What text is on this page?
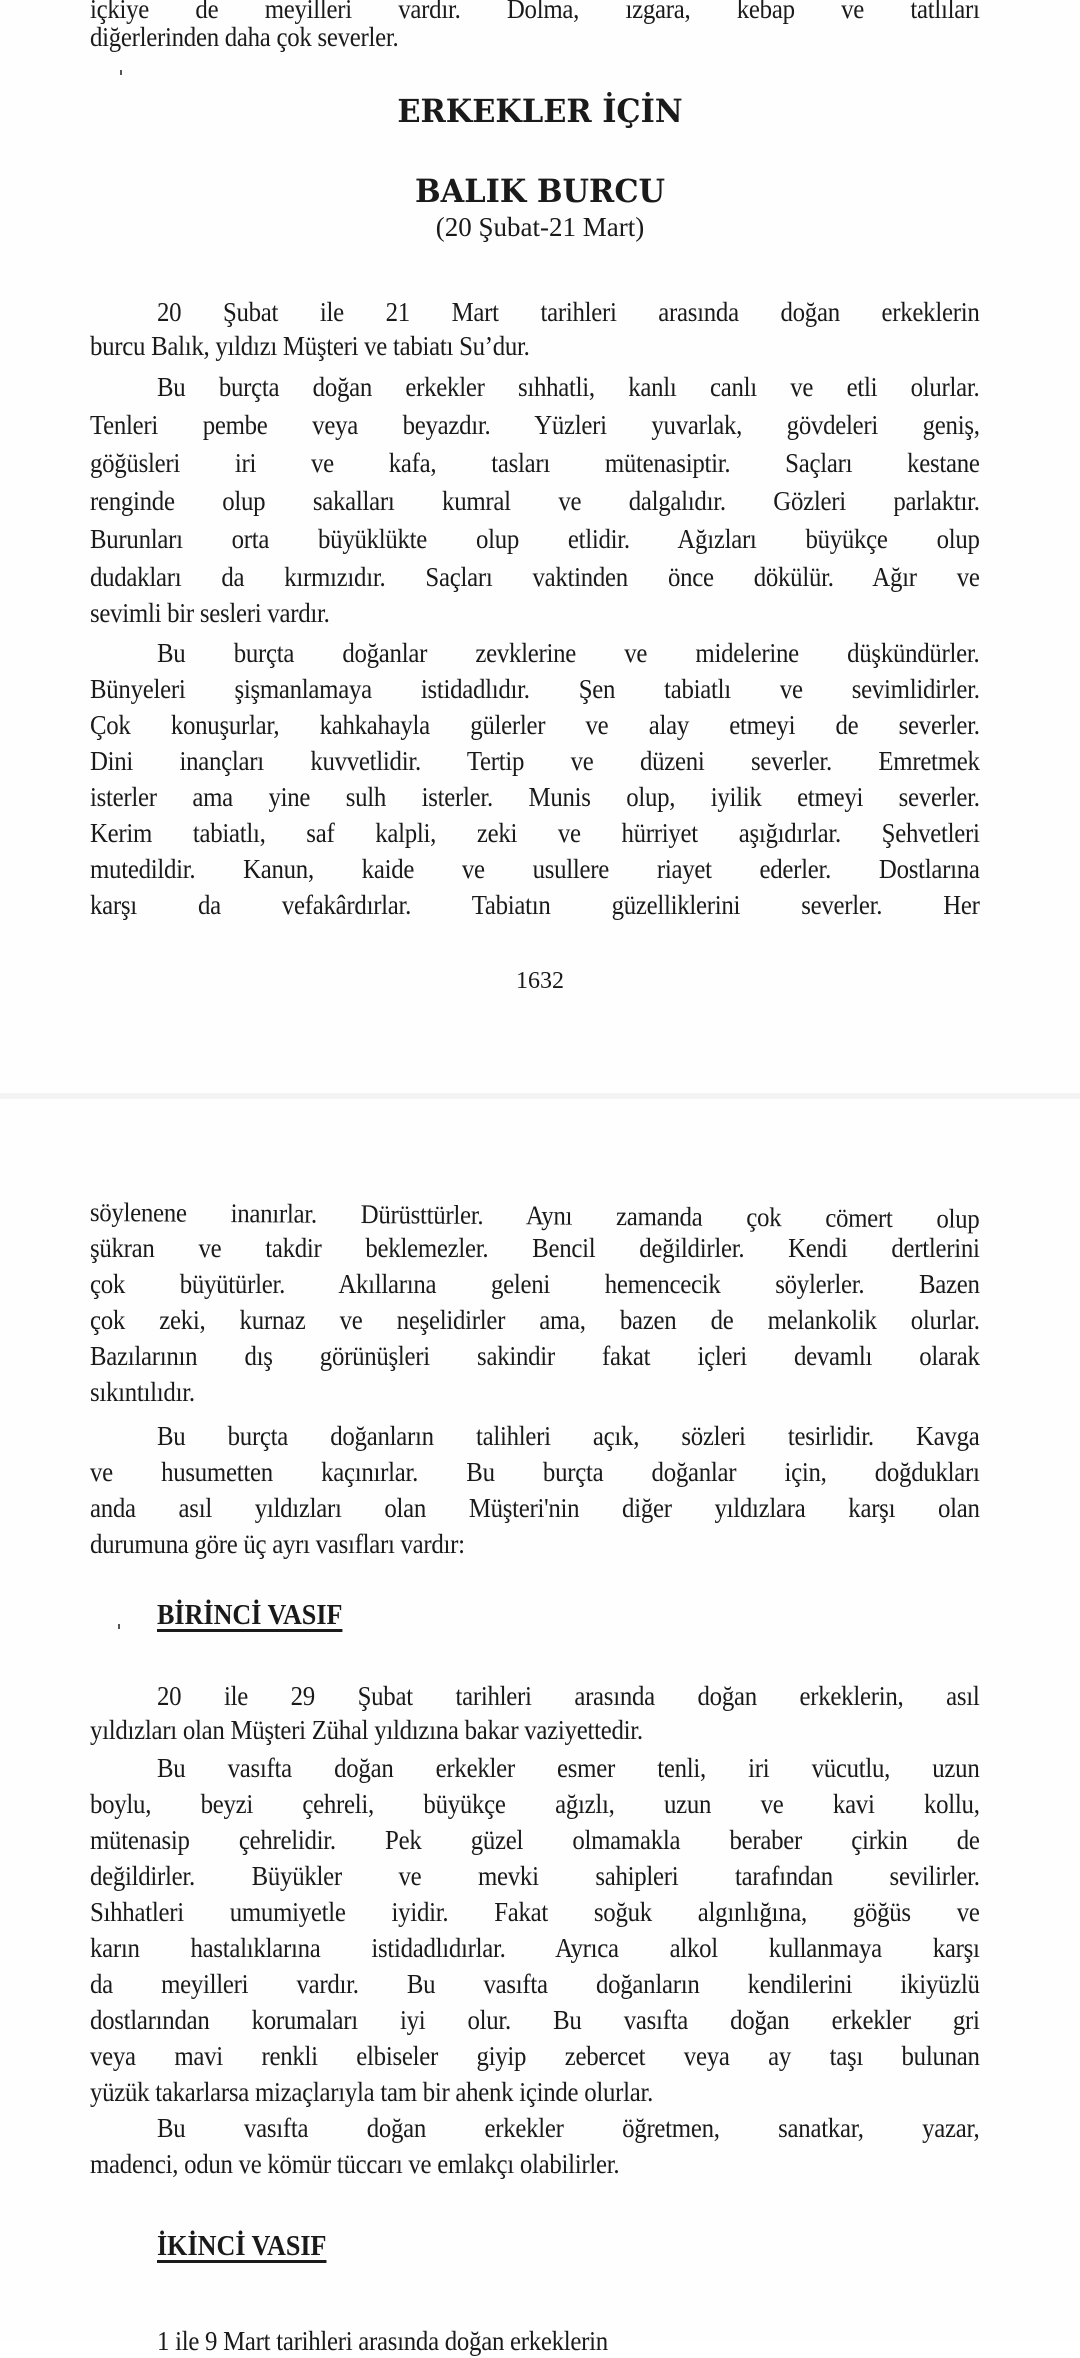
içkiye de meyilleri vardır. Dolma, ızgara, kebap ve tatlıları
diğerlerinden daha çok severler.
ERKEKLER İÇİN
BALIK BURCU
(20 Şubat-21 Mart)
20 Şubat ile 21 Mart tarihleri arasında doğan erkeklerin
burcu Balık, yıldızı Müşteri ve tabiatı Su’dur.
Bu burçta doğan erkekler sıhhatli, kanlı canlı ve etli olurlar.
Tenleri pembe veya beyazdır. Yüzleri yuvarlak, gövdeleri geniş,
göğüsleri iri ve kafa, tasları mütenasiptir. Saçları kestane
renginde olup sakalları kumral ve dalgalıdır. Gözleri parlaktır.
Burunları orta büyüklükte olup etlidir. Ağızları büyükçe olup
dudakları da kırmızıdır. Saçları vaktinden önce dökülür. Ağır ve
sevimli bir sesleri vardır.
Bu burçta doğanlar zevklerine ve midelerine düşkündürler.
Bünyeleri şişmanlamaya istidadlıdır. Şen tabiatlı ve sevimlidirler.
Çok konuşurlar, kahkahayla gülerler ve alay etmeyi de severler.
Dini inançları kuvvetlidir. Tertip ve düzeni severler. Emretmek
isterler ama yine sulh isterler. Munis olup, iyilik etmeyi severler.
Kerim tabiatlı, saf kalpli, zeki ve hürriyet aşığıdırlar. Şehvetleri
mutedildir. Kanun, kaide ve usullere riayet ederler. Dostlarına
karşı da vefakârdırlar. Tabiatın güzelliklerini severler. Her
1632
söylenene inanırlar. Dürüsttürler. Aynı zamanda çok cömert olup
şükran ve takdir beklemezler. Bencil değildirler. Kendi dertlerini
çok büyütürler. Akıllarına geleni hemencecik söylerler. Bazen
çok zeki, kurnaz ve neşelidirler ama, bazen de melankolik olurlar.
Bazılarının dış görünüşleri sakindir fakat içleri devamlı olarak
sıkıntılıdır.
Bu burçta doğanların talihleri açık, sözleri tesirlidir. Kavga
ve husumetten kaçınırlar. Bu burçta doğanlar için, doğdukları
anda asıl yıldızları olan Müşteri'nin diğer yıldızlara karşı olan
durumuna göre üç ayrı vasıfları vardır:
BİRİNCİ VASIF
20 ile 29 Şubat tarihleri arasında doğan erkeklerin, asıl
yıldızları olan Müşteri Zühal yıldızına bakar vaziyettedir.
Bu vasıfta doğan erkekler esmer tenli, iri vücutlu, uzun
boylu, beyzi çehreli, büyükçe ağızlı, uzun ve kavi kollu,
mütenasip çehrelidir. Pek güzel olmamakla beraber çirkin de
değildirler. Büyükler ve mevki sahipleri tarafından sevilirler.
Sıhhatleri umumiyetle iyidir. Fakat soğuk algınlığına, göğüs ve
karın hastalıklarına istidadlıdırlar. Ayrıca alkol kullanmaya karşı
da meyilleri vardır. Bu vasıfta doğanların kendilerini ikiyüzlü
dostlarından korumaları iyi olur. Bu vasıfta doğan erkekler gri
veya mavi renkli elbiseler giyip zebercet veya ay taşı bulunan
yüzük takarlarsa mizaçlarıyla tam bir ahenk içinde olurlar.
Bu vasıfta doğan erkekler öğretmen, sanatkar, yazar,
madenci, odun ve kömür tüccarı ve emlakçı olabilirler.
İKİNCİ VASIF
1 ile 9 Mart tarihleri arasında doğan erkeklerin
